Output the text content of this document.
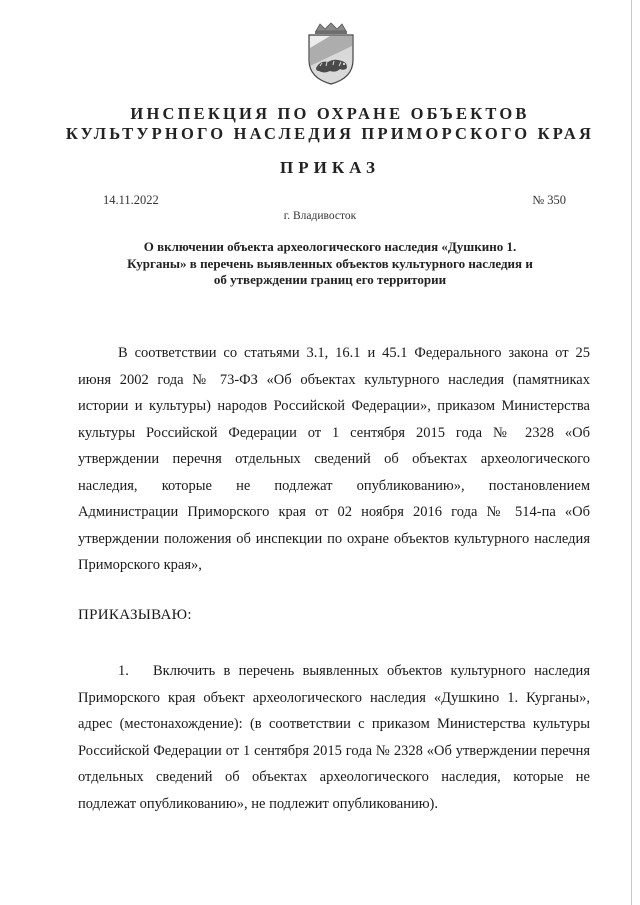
ИНСПЕКЦИЯ ПО ОХРАНЕ ОБЪЕКТОВ
КУЛЬТУРНОГО НАСЛЕДИЯ ПРИМОРСКОГО КРАЯ
ПРИКАЗ
14.11.2022	№ 350
г. Владивосток
О включении объекта археологического наследия «Душкино 1. Курганы» в перечень выявленных объектов культурного наследия и об утверждении границ его территории
В соответствии со статьями 3.1, 16.1 и 45.1 Федерального закона от 25 июня 2002 года № 73-ФЗ «Об объектах культурного наследия (памятниках истории и культуры) народов Российской Федерации», приказом Министерства культуры Российской Федерации от 1 сентября 2015 года № 2328 «Об утверждении перечня отдельных сведений об объектах археологического наследия, которые не подлежат опубликованию», постановлением Администрации Приморского края от 02 ноября 2016 года № 514-па «Об утверждении положения об инспекции по охране объектов культурного наследия Приморского края»,
ПРИКАЗЫВАЮ:
1. Включить в перечень выявленных объектов культурного наследия Приморского края объект археологического наследия «Душкино 1. Курганы», адрес (местонахождение): (в соответствии с приказом Министерства культуры Российской Федерации от 1 сентября 2015 года № 2328 «Об утверждении перечня отдельных сведений об объектах археологического наследия, которые не подлежат опубликованию», не подлежит опубликованию).
